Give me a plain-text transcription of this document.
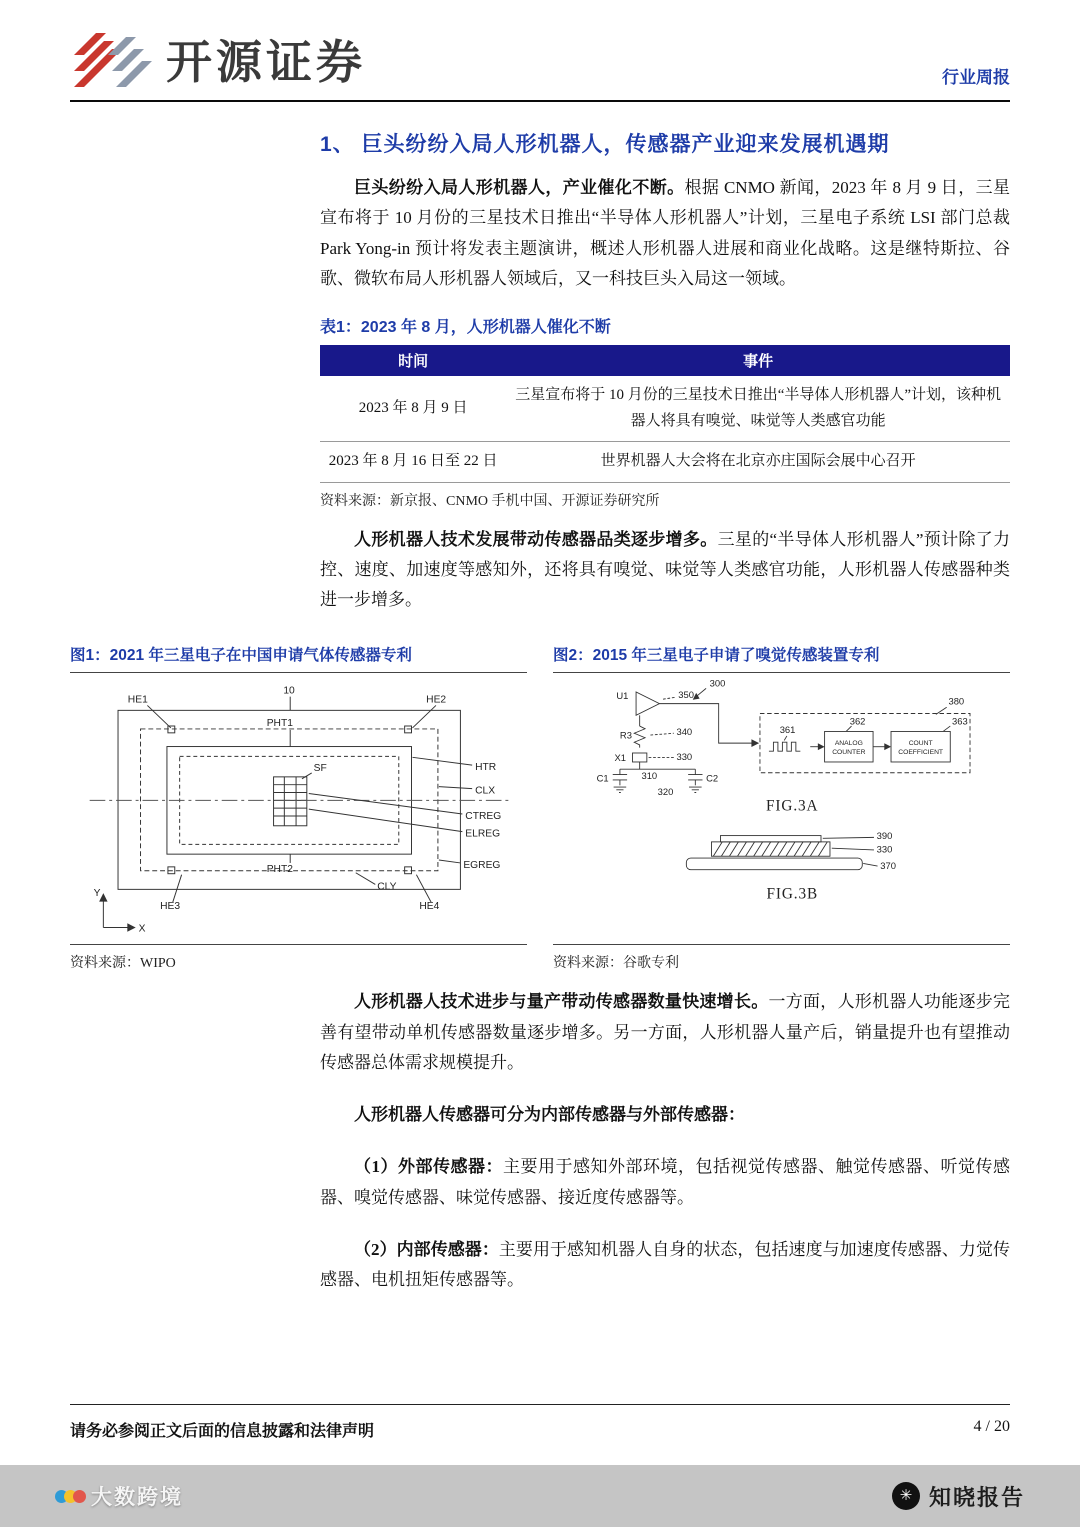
开源证券	行业周报
1、 巨头纷纷入局人形机器人，传感器产业迎来发展机遇期

巨头纷纷入局人形机器人，产业催化不断。根据 CNMO 新闻，2023 年 8 月 9 日，三星宣布将于 10 月份的三星技术日推出“半导体人形机器人”计划，三星电子系统 LSI 部门总裁 Park Yong-in 预计将发表主题演讲，概述人形机器人进展和商业化战略。这是继特斯拉、谷歌、微软布局人形机器人领域后，又一科技巨头入局这一领域。

表1：2023 年 8 月，人形机器人催化不断
时间	事件
2023 年 8 月 9 日	三星宣布将于 10 月份的三星技术日推出“半导体人形机器人”计划，该种机器人将具有嗅觉、味觉等人类感官功能
2023 年 8 月 16 日至 22 日	世界机器人大会将在北京亦庄国际会展中心召开
资料来源：新京报、CNMO 手机中国、开源证券研究所

人形机器人技术发展带动传感器品类逐步增多。三星的“半导体人形机器人”预计除了力控、速度、加速度等感知外，还将具有嗅觉、味觉等人类感官功能，人形机器人传感器种类进一步增多。

图1：2021 年三星电子在中国申请气体传感器专利
10
HE1	HE2
PHT1
HTR
CLX
SF
CTREG
ELREG
PHT2	EGREG
CLY
HE3	HE4
Y
X
资料来源：WIPO
图2：2015 年三星电子申请了嗅觉传感装置专利
300
U1	350
R3	340
X1	330
C1	310
320
C2
380
361
ANALOG
COUNTER
362
COUNT
COEFFICIENT
363
FIG.3A
390
330
370
FIG.3B
资料来源：谷歌专利

人形机器人技术进步与量产带动传感器数量快速增长。一方面，人形机器人功能逐步完善有望带动单机传感器数量逐步增多。另一方面，人形机器人量产后，销量提升也有望推动传感器总体需求规模提升。

人形机器人传感器可分为内部传感器与外部传感器：

（1）外部传感器：主要用于感知外部环境，包括视觉传感器、触觉传感器、听觉传感器、嗅觉传感器、味觉传感器、接近度传感器等。

（2）内部传感器：主要用于感知机器人自身的状态，包括速度与加速度传感器、力觉传感器、电机扭矩传感器等。

请务必参阅正文后面的信息披露和法律声明	4 / 20
大数跨境	✳ 知晓报告
